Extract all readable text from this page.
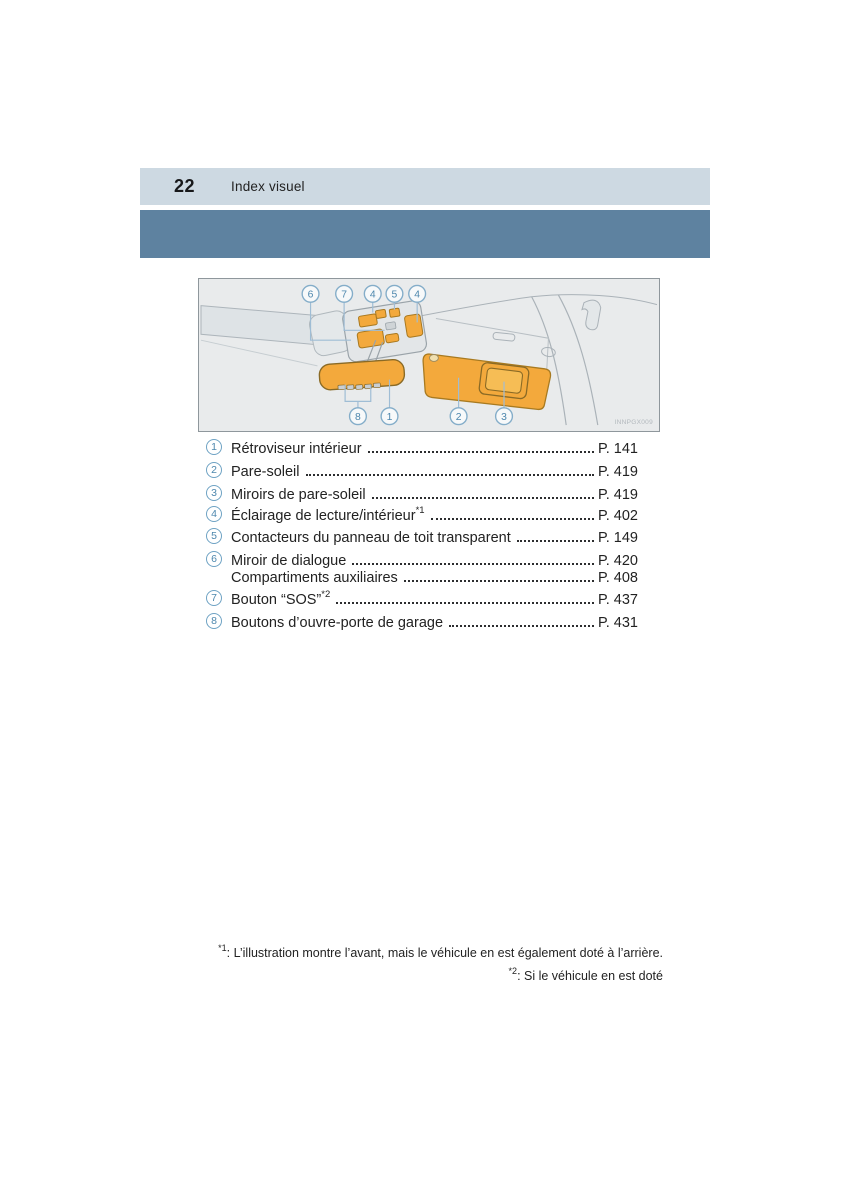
22	Index visuel
6	7 4 5 4
8 1	2	3	INNPGX009
1 Rétroviseur intérieur	P. 141
2 Pare-soleil	P. 419
3 Miroirs de pare-soleil	P. 419
4 Éclairage de lecture/intérieur$^{*1}$	P. 402
5 Contacteurs du panneau de toit transparent	P. 149
6 Miroir de dialogue	P. 420
Compartiments auxiliaires	P. 408
7 Bouton “SOS”$^{*2}$	P. 437
8 Boutons d’ouvre-porte de garage	P. 431
$^{*1}$: L’illustration montre l’avant, mais le véhicule en est également doté à l’arrière.
$^{*2}$: Si le véhicule en est doté
